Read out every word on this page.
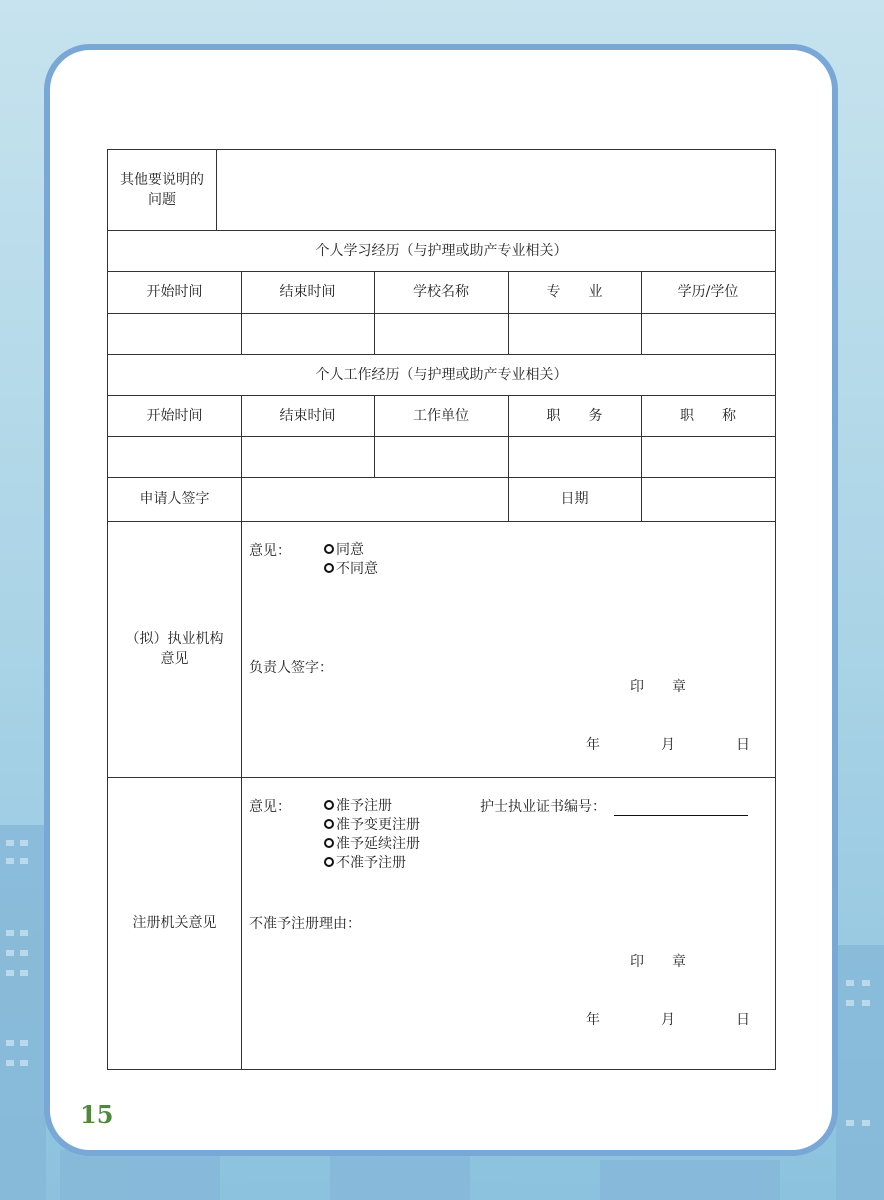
其他要说明的问题
个人学习经历（与护理或助产专业相关）
开始时间	结束时间	学校名称	专　　业	学历/学位
个人工作经历（与护理或助产专业相关）
开始时间	结束时间	工作单位	职　　务	职　　称
申请人签字	日期
（拟）执业机构意见
意见：	同意
不同意
负责人签字：
印　　章
年	月	日
注册机关意见
意见：	准予注册
准予变更注册
准予延续注册
不准予注册
护士执业证书编号：
不准予注册理由：
印　　章
年	月	日
15
